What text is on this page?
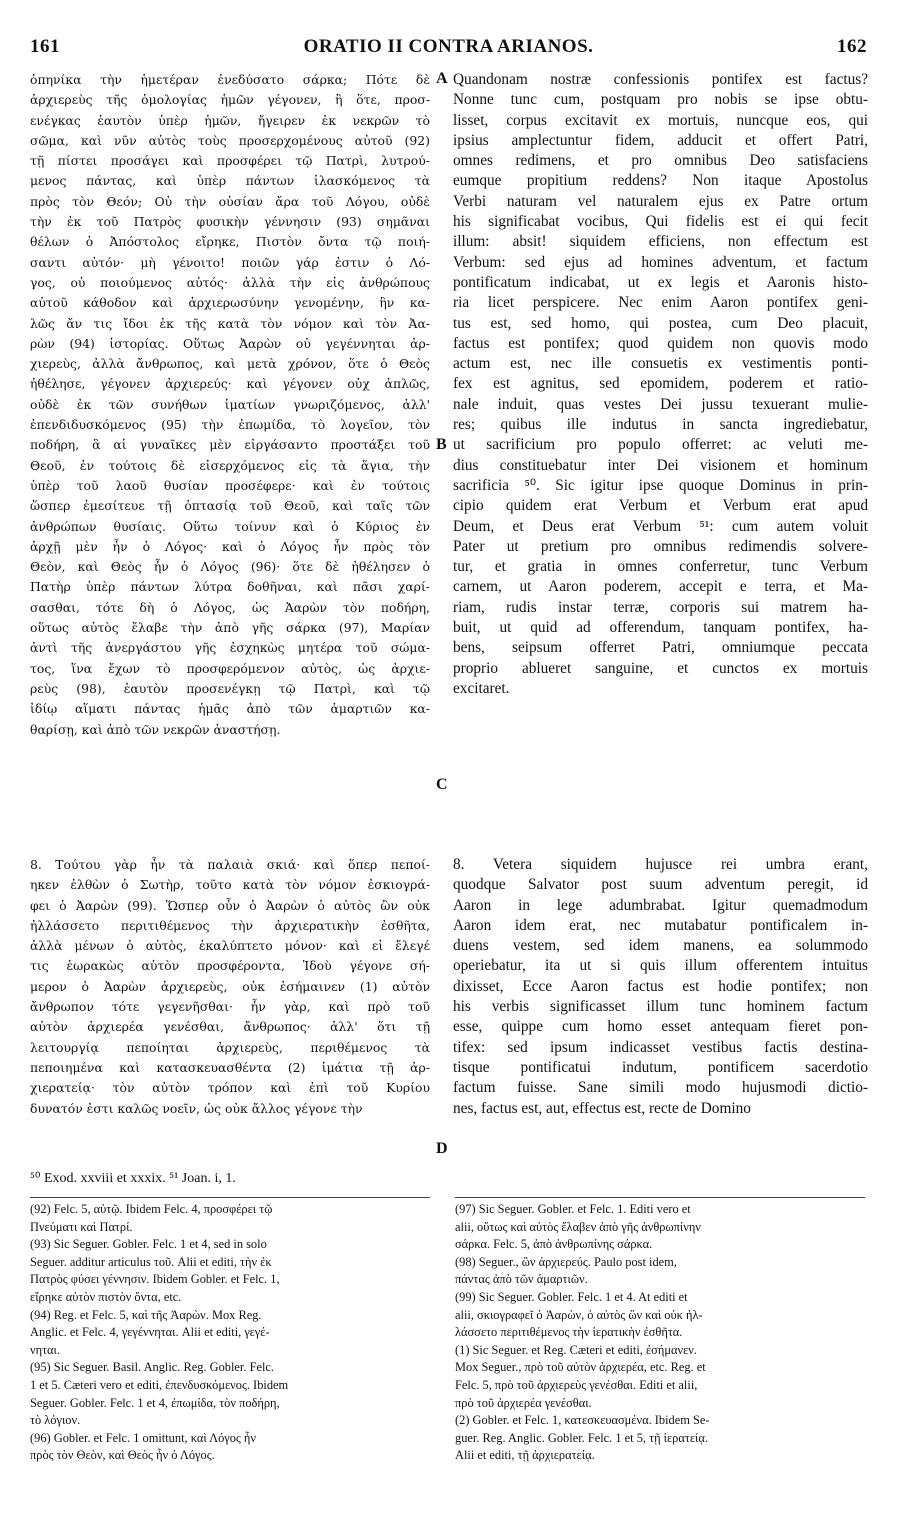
161	ORATIO II CONTRA ARIANOS.	162
ὁπηνίκα τὴν ἡμετέραν ἐνεδύσατο σάρκα; Πότε δὲ
ἀρχιερεὺς τῆς ὁμολογίας ἡμῶν γέγονεν, ἢ ὅτε, προσ-
ενέγκας ἑαυτὸν ὑπὲρ ἡμῶν, ἤγειρεν ἐκ νεκρῶν τὸ
σῶμα, καὶ νῦν αὐτὸς τοὺς προσερχομένους αὐτοῦ (92)
τῇ πίστει προσάγει καὶ προσφέρει τῷ Πατρὶ, λυτρού-
μενος πάντας, καὶ ὑπὲρ πάντων ἱλασκόμενος τὰ
πρὸς τὸν Θεόν; Οὐ τὴν οὐσίαν ἄρα τοῦ Λόγου, οὐδὲ
τὴν ἐκ τοῦ Πατρὸς φυσικὴν γέννησιν (93) σημᾶναι
θέλων ὁ Ἀπόστολος εἴρηκε, Πιστὸν ὄντα τῷ ποιή-
σαντι αὐτόν· μὴ γένοιτο! ποιῶν γάρ ἐστιν ὁ Λό-
γος, οὐ ποιούμενος αὐτός· ἀλλὰ τὴν εἰς ἀνθρώπους
αὐτοῦ κάθοδον καὶ ἀρχιερωσύνην γενομένην, ἣν κα-
λῶς ἄν τις ἴδοι ἐκ τῆς κατὰ τὸν νόμον καὶ τὸν Ἀα-
ρὼν (94) ἱστορίας. Οὕτως Ἀαρὼν οὐ γεγέννηται ἀρ-
χιερεὺς, ἀλλὰ ἄνθρωπος, καὶ μετὰ χρόνον, ὅτε ὁ Θεὸς
ἠθέλησε, γέγονεν ἀρχιερεύς· καὶ γέγονεν οὐχ ἁπλῶς,
οὐδὲ ἐκ τῶν συνήθων ἱματίων γνωριζόμενος, ἀλλ'
ἐπενδιδυσκόμενος (95) τὴν ἐπωμίδα, τὸ λογεῖον, τὸν
ποδήρη, ἃ αἱ γυναῖκες μὲν εἰργάσαντο προστάξει τοῦ
Θεοῦ, ἐν τούτοις δὲ εἰσερχόμενος εἰς τὰ ἅγια, τὴν
ὑπὲρ τοῦ λαοῦ θυσίαν προσέφερε· καὶ ἐν τούτοις
ὥσπερ ἐμεσίτευε τῇ ὀπτασίᾳ τοῦ Θεοῦ, καὶ ταῖς τῶν
ἀνθρώπων θυσίαις. Οὕτω τοίνυν καὶ ὁ Κύριος ἐν
ἀρχῇ μὲν ἦν ὁ Λόγος· καὶ ὁ Λόγος ἦν πρὸς τὸν
Θεὸν, καὶ Θεὸς ἦν ὁ Λόγος (96)· ὅτε δὲ ἠθέλησεν ὁ
Πατὴρ ὑπὲρ πάντων λύτρα δοθῆναι, καὶ πᾶσι χαρί-
σασθαι, τότε δὴ ὁ Λόγος, ὡς Ἀαρὼν τὸν ποδήρη,
οὕτως αὐτὸς ἔλαβε τὴν ἀπὸ γῆς σάρκα (97), Μαρίαν
ἀντὶ τῆς ἀνεργάστου γῆς ἐσχηκὼς μητέρα τοῦ σώμα-
τος, ἵνα ἔχων τὸ προσφερόμενον αὐτὸς, ὡς ἀρχιε-
ρεὺς (98), ἑαυτὸν προσενέγκῃ τῷ Πατρὶ, καὶ τῷ
ἰδίῳ αἵματι πάντας ἡμᾶς ἀπὸ τῶν ἁμαρτιῶν κα-
θαρίσῃ, καὶ ἀπὸ τῶν νεκρῶν ἀναστήσῃ.
Quandonam nostræ confessionis pontifex est factus?
Nonne tunc cum, postquam pro nobis se ipse obtu-
lisset, corpus excitavit ex mortuis, nuncque eos, qui
ipsius amplectuntur fidem, adducit et offert Patri,
omnes redimens, et pro omnibus Deo satisfaciens
eumque propitium reddens? Non itaque Apostolus
Verbi naturam vel naturalem ejus ex Patre ortum
his significabat vocibus, Qui fidelis est ei qui fecit
illum: absit! siquidem efficiens, non effectum est
Verbum: sed ejus ad homines adventum, et factum
pontificatum indicabat, ut ex legis et Aaronis histo-
ria licet perspicere. Nec enim Aaron pontifex geni-
tus est, sed homo, qui postea, cum Deo placuit,
factus est pontifex; quod quidem non quovis modo
actum est, nec ille consuetis ex vestimentis ponti-
fex est agnitus, sed epomidem, poderem et ratio-
nale induit, quas vestes Dei jussu texuerant mulie-
res; quibus ille indutus in sancta ingrediebatur,
ut sacrificium pro populo offerret: ac veluti me-
dius constituebatur inter Dei visionem et hominum
sacrificia ⁵⁰. Sic igitur ipse quoque Dominus in prin-
cipio quidem erat Verbum et Verbum erat apud
Deum, et Deus erat Verbum ⁵¹: cum autem voluit
Pater ut pretium pro omnibus redimendis solvere-
tur, et gratia in omnes conferretur, tunc Verbum
carnem, ut Aaron poderem, accepit e terra, et Ma-
riam, rudis instar terræ, corporis sui matrem ha-
buit, ut quid ad offerendum, tanquam pontifex, ha-
bens, seipsum offerret Patri, omniumque peccata
proprio ablueret sanguine, et cunctos ex mortuis
excitaret.
8. Τούτου γὰρ ἦν τὰ παλαιὰ σκιά· καὶ ὅπερ πεποί-
ηκεν ἐλθὼν ὁ Σωτὴρ, τοῦτο κατὰ τὸν νόμον ἐσκιογρά-
φει ὁ Ἀαρὼν (99). Ὥσπερ οὖν ὁ Ἀαρὼν ὁ αὐτὸς ὢν οὐκ
ἠλλάσσετο περιτιθέμενος τὴν ἀρχιερατικὴν ἐσθῆτα,
ἀλλὰ μένων ὁ αὐτὸς, ἐκαλύπτετο μόνον· καὶ εἰ ἔλεγέ
τις ἑωρακὼς αὐτὸν προσφέροντα, Ἰδοὺ γέγονε σή-
μερον ὁ Ἀαρὼν ἀρχιερεὺς, οὐκ ἐσήμαινεν (1) αὐτὸν
ἄνθρωπον τότε γεγενῆσθαι· ἦν γὰρ, καὶ πρὸ τοῦ
αὐτὸν ἀρχιερέα γενέσθαι, ἄνθρωπος· ἀλλ' ὅτι τῇ
λειτουργίᾳ πεποίηται ἀρχιερεὺς, περιθέμενος τὰ
πεποιημένα καὶ κατασκευασθέντα (2) ἱμάτια τῇ ἀρ-
χιερατείᾳ· τὸν αὐτὸν τρόπον καὶ ἐπὶ τοῦ Κυρίου
δυνατόν ἐστι καλῶς νοεῖν, ὡς οὐκ ἄλλος γέγονε τὴν
8. Vetera siquidem hujusce rei umbra erant,
quodque Salvator post suum adventum peregit, id
Aaron in lege adumbrabat. Igitur quemadmodum
Aaron idem erat, nec mutabatur pontificalem in-
duens vestem, sed idem manens, ea solummodo
operiebatur, ita ut si quis illum offerentem intuitus
dixisset, Ecce Aaron factus est hodie pontifex; non
his verbis significasset illum tunc hominem factum
esse, quippe cum homo esset antequam fieret pon-
tifex: sed ipsum indicasset vestibus factis destina-
tisque pontificatui indutum, pontificem sacerdotio
factum fuisse. Sane simili modo hujusmodi dictio-
nes, factus est, aut, effectus est, recte de Domino
A
B
C
D
⁵⁰ Exod. xxviii et xxxix. ⁵¹ Joan. i, 1.
(92) Felc. 5, αὐτῷ. Ibidem Felc. 4, προσφέρει τῷ
Πνεύματι καὶ Πατρί.
(93) Sic Seguer. Gobler. Felc. 1 et 4, sed in solo
Seguer. additur articulus τοῦ. Alii et editi, τὴν ἐκ
Πατρὸς φύσει γέννησιν. Ibidem Gobler. et Felc. 1,
εἴρηκε αὐτὸν πιστὸν ὄντα, etc.
(94) Reg. et Felc. 5, καὶ τῆς Ἀαρὼν. Mox Reg.
Anglic. et Felc. 4, γεγέννηται. Alii et editi, γεγέ-
νηται.
(95) Sic Seguer. Basil. Anglic. Reg. Gobler. Felc.
1 et 5. Cæteri vero et editi, ἐπενδυσκόμενος. Ibidem
Seguer. Gobler. Felc. 1 et 4, ἐπωμίδα, τὸν ποδήρη,
τὸ λόγιον.
(96) Gobler. et Felc. 1 omittunt, καὶ Λόγος ἦν
πρὸς τὸν Θεὸν, καὶ Θεὸς ἦν ὁ Λόγος.
(97) Sic Seguer. Gobler. et Felc. 1. Editi vero et
alii, οὕτως καὶ αὐτὸς ἔλαβεν ἀπὸ γῆς ἀνθρωπίνην
σάρκα. Felc. 5, ἀπὸ ἀνθρωπίνης σάρκα.
(98) Seguer., ὢν ἀρχιερεύς. Paulo post idem,
πάντας ἀπὸ τῶν ἁμαρτιῶν.
(99) Sic Seguer. Gobler. Felc. 1 et 4. At editi et
alii, σκιογραφεῖ ὁ Ἀαρὼν, ὁ αὐτὸς ὢν καὶ οὐκ ἠλ-
λάσσετο περιτιθέμενος τὴν ἱερατικὴν ἐσθῆτα.
(1) Sic Seguer. et Reg. Cæteri et editi, ἐσήμανεν.
Mox Seguer., πρὸ τοῦ αὐτὸν ἀρχιερέα, etc. Reg. et
Felc. 5, πρὸ τοῦ ἀρχιερεὺς γενέσθαι. Editi et alii,
πρὸ τοῦ ἀρχιερέα γενέσθαι.
(2) Gobler. et Felc. 1, κατεσκευασμένα. Ibidem Se-
guer. Reg. Anglic. Gobler. Felc. 1 et 5, τῇ ἱερατείᾳ.
Alii et editi, τῇ ἀρχιερατείᾳ.
